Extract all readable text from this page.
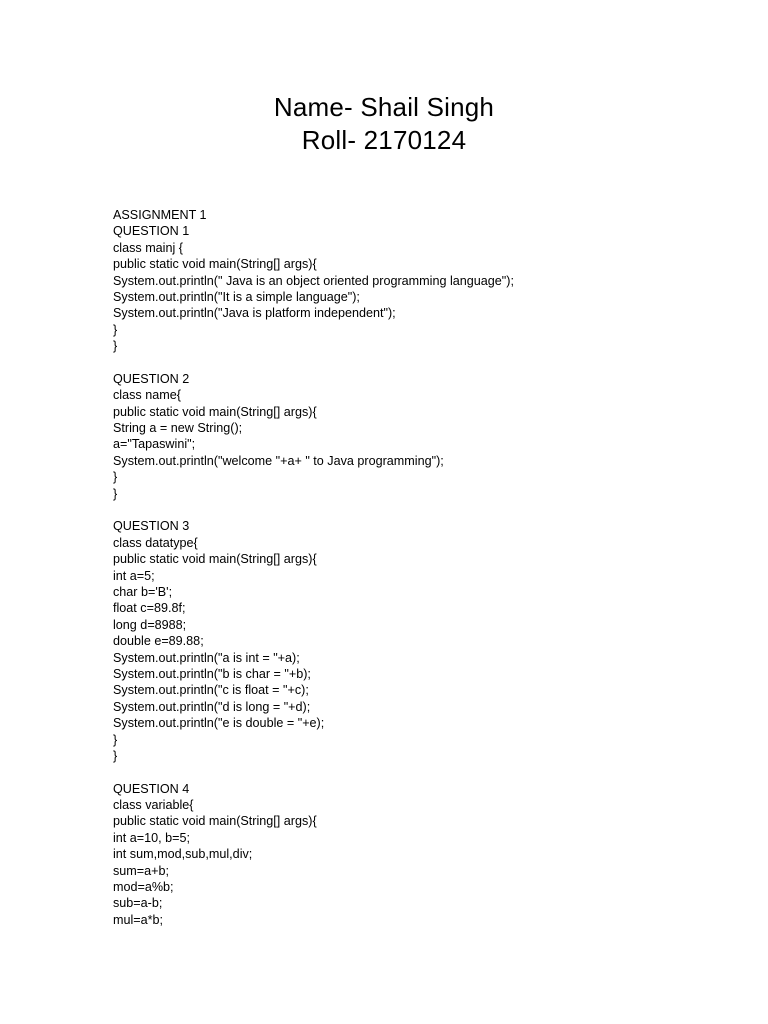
Name- Shail Singh
Roll- 2170124
ASSIGNMENT 1
QUESTION 1
class mainj {
public static void main(String[] args){
System.out.println(" Java is an object oriented programming language");
System.out.println("It is a simple language");
System.out.println("Java is platform independent");
}
}
QUESTION 2
class name{
public static void main(String[] args){
String a = new String();
a="Tapaswini";
System.out.println("welcome "+a+ " to Java programming");
}
}
QUESTION 3
class datatype{
public static void main(String[] args){
int a=5;
char b='B';
float c=89.8f;
long d=8988;
double e=89.88;
System.out.println("a is int = "+a);
System.out.println("b is char = "+b);
System.out.println("c is float = "+c);
System.out.println("d is long = "+d);
System.out.println("e is double = "+e);
}
}
QUESTION 4
class variable{
public static void main(String[] args){
int a=10, b=5;
int sum,mod,sub,mul,div;
sum=a+b;
mod=a%b;
sub=a-b;
mul=a*b;
